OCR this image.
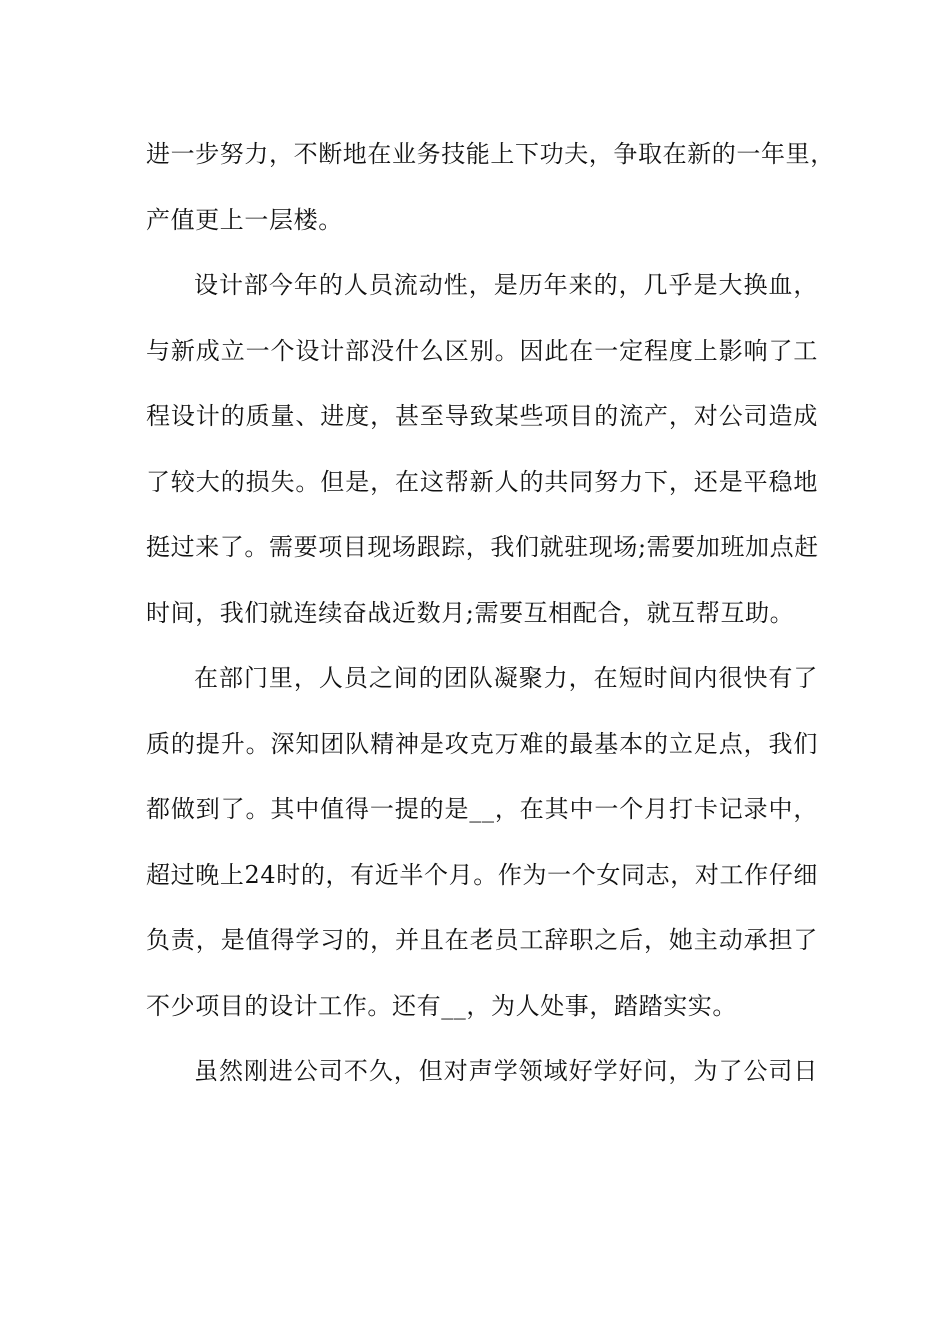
进一步努力，不断地在业务技能上下功夫，争取在新的一年里，
产值更上一层楼。
设计部今年的人员流动性，是历年来的，几乎是大换血，
与新成立一个设计部没什么区别。因此在一定程度上影响了工
程设计的质量、进度，甚至导致某些项目的流产，对公司造成
了较大的损失。但是，在这帮新人的共同努力下，还是平稳地
挺过来了。需要项目现场跟踪，我们就驻现场;需要加班加点赶
时间，我们就连续奋战近数月;需要互相配合，就互帮互助。
在部门里，人员之间的团队凝聚力，在短时间内很快有了
质的提升。深知团队精神是攻克万难的最基本的立足点，我们
都做到了。其中值得一提的是__，在其中一个月打卡记录中，
超过晚上24时的，有近半个月。作为一个女同志，对工作仔细
负责，是值得学习的，并且在老员工辞职之后，她主动承担了
不少项目的设计工作。还有__，为人处事，踏踏实实。
虽然刚进公司不久，但对声学领域好学好问，为了公司日
